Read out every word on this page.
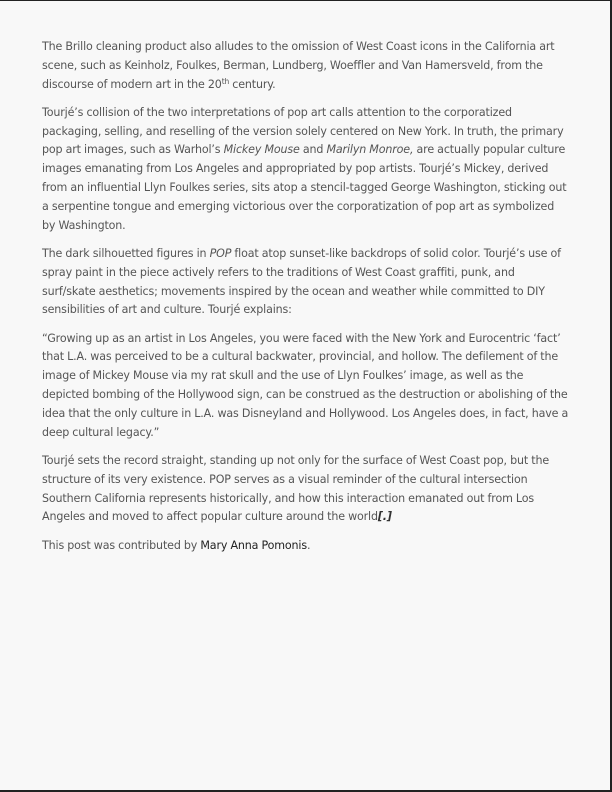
The Brillo cleaning product also alludes to the omission of West Coast icons in the California art scene, such as Keinholz, Foulkes, Berman, Lundberg, Woeffler and Van Hamersveld, from the discourse of modern art in the 20th century.

Tourjé’s collision of the two interpretations of pop art calls attention to the corporatized packaging, selling, and reselling of the version solely centered on New York. In truth, the primary pop art images, such as Warhol’s Mickey Mouse and Marilyn Monroe, are actually popular culture images emanating from Los Angeles and appropriated by pop artists. Tourjé’s Mickey, derived from an influential Llyn Foulkes series, sits atop a stencil-tagged George Washington, sticking out a serpentine tongue and emerging victorious over the corporatization of pop art as symbolized by Washington.

The dark silhouetted figures in POP float atop sunset-like backdrops of solid color. Tourjé’s use of spray paint in the piece actively refers to the traditions of West Coast graffiti, punk, and surf/skate aesthetics; movements inspired by the ocean and weather while committed to DIY sensibilities of art and culture. Tourjé explains:

“Growing up as an artist in Los Angeles, you were faced with the New York and Eurocentric ‘fact’ that L.A. was perceived to be a cultural backwater, provincial, and hollow. The defilement of the image of Mickey Mouse via my rat skull and the use of Llyn Foulkes’ image, as well as the depicted bombing of the Hollywood sign, can be construed as the destruction or abolishing of the idea that the only culture in L.A. was Disneyland and Hollywood. Los Angeles does, in fact, have a deep cultural legacy.”

Tourjé sets the record straight, standing up not only for the surface of West Coast pop, but the structure of its very existence. POP serves as a visual reminder of the cultural intersection Southern California represents historically, and how this interaction emanated out from Los Angeles and moved to affect popular culture around the world[.]

This post was contributed by Mary Anna Pomonis.
